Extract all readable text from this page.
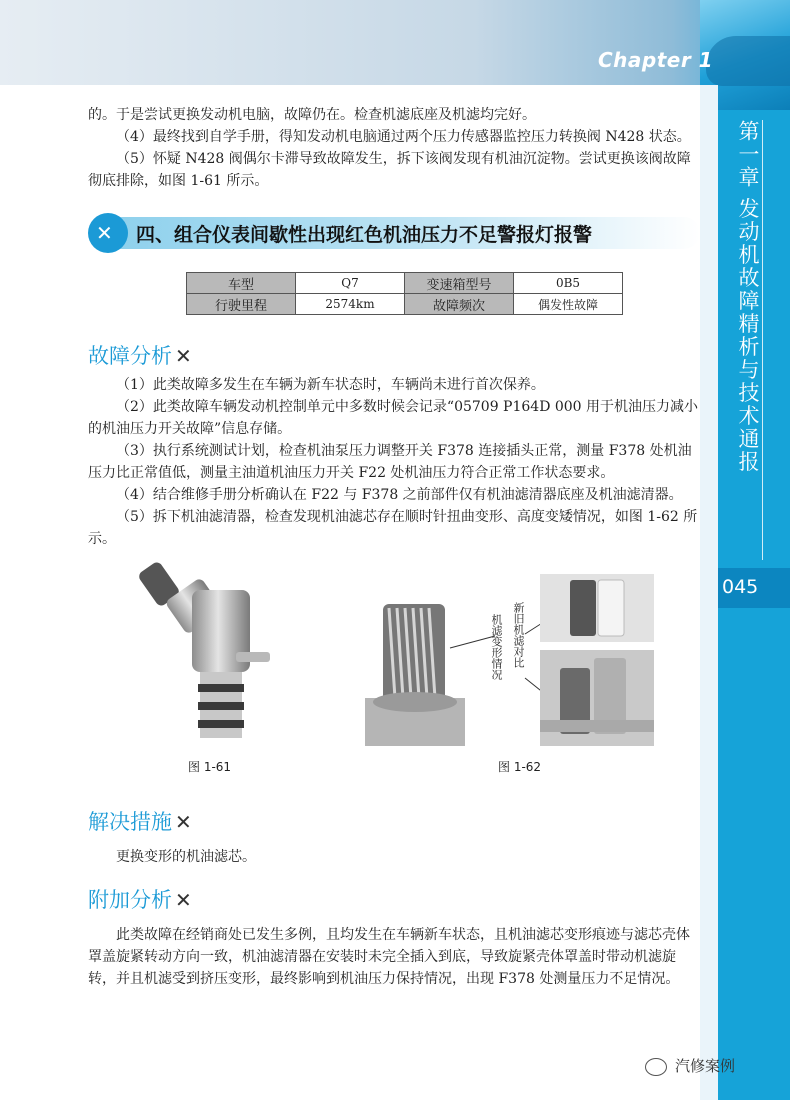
Chapter 1
第一章 发动机故障精析与技术通报
045
的。于是尝试更换发动机电脑，故障仍在。检查机滤底座及机滤均完好。
（4）最终找到自学手册，得知发动机电脑通过两个压力传感器监控压力转换阀 N428 状态。
（5）怀疑 N428 阀偶尔卡滞导致故障发生，拆下该阀发现有机油沉淀物。尝试更换该阀故障彻底排除，如图 1-61 所示。
✕ 四、组合仪表间歇性出现红色机油压力不足警报灯报警
车型	Q7	变速箱型号	0B5
行驶里程	2574km	故障频次	偶发性故障
故障分析 ✕
（1）此类故障多发生在车辆为新车状态时，车辆尚未进行首次保养。
（2）此类故障车辆发动机控制单元中多数时候会记录“05709 P164D 000 用于机油压力减小的机油压力开关故障”信息存储。
（3）执行系统测试计划，检查机油泵压力调整开关 F378 连接插头正常，测量 F378 处机油压力比正常值低，测量主油道机油压力开关 F22 处机油压力符合正常工作状态要求。
（4）结合维修手册分析确认在 F22 与 F378 之前部件仅有机油滤清器底座及机油滤清器。
（5）拆下机油滤清器，检查发现机油滤芯存在顺时针扭曲变形、高度变矮情况，如图 1-62 所示。
图 1-61
机滤变形情况 新旧机滤对比
图 1-62
解决措施 ✕
更换变形的机油滤芯。
附加分析 ✕
此类故障在经销商处已发生多例，且均发生在车辆新车状态，且机油滤芯变形痕迹与滤芯壳体罩盖旋紧转动方向一致，机油滤清器在安装时未完全插入到底，导致旋紧壳体罩盖时带动机滤旋转，并且机滤受到挤压变形，最终影响到机油压力保持情况，出现 F378 处测量压力不足情况。
汽修案例
